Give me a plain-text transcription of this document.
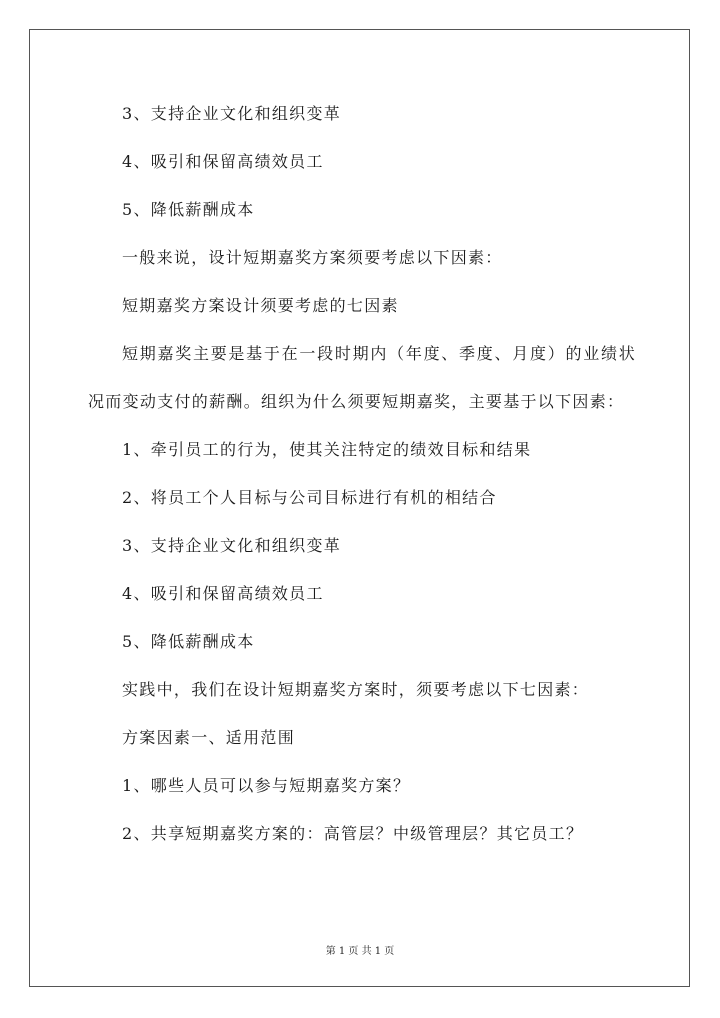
3、支持企业文化和组织变革

4、吸引和保留高绩效员工

5、降低薪酬成本

一般来说，设计短期嘉奖方案须要考虑以下因素：

短期嘉奖方案设计须要考虑的七因素

短期嘉奖主要是基于在一段时期内（年度、季度、月度）的业绩状况而变动支付的薪酬。组织为什么须要短期嘉奖，主要基于以下因素：

1、牵引员工的行为，使其关注特定的绩效目标和结果

2、将员工个人目标与公司目标进行有机的相结合

3、支持企业文化和组织变革

4、吸引和保留高绩效员工

5、降低薪酬成本

实践中，我们在设计短期嘉奖方案时，须要考虑以下七因素：

方案因素一、适用范围

1、哪些人员可以参与短期嘉奖方案？

2、共享短期嘉奖方案的：高管层？中级管理层？其它员工？

第 1 页 共 1 页
